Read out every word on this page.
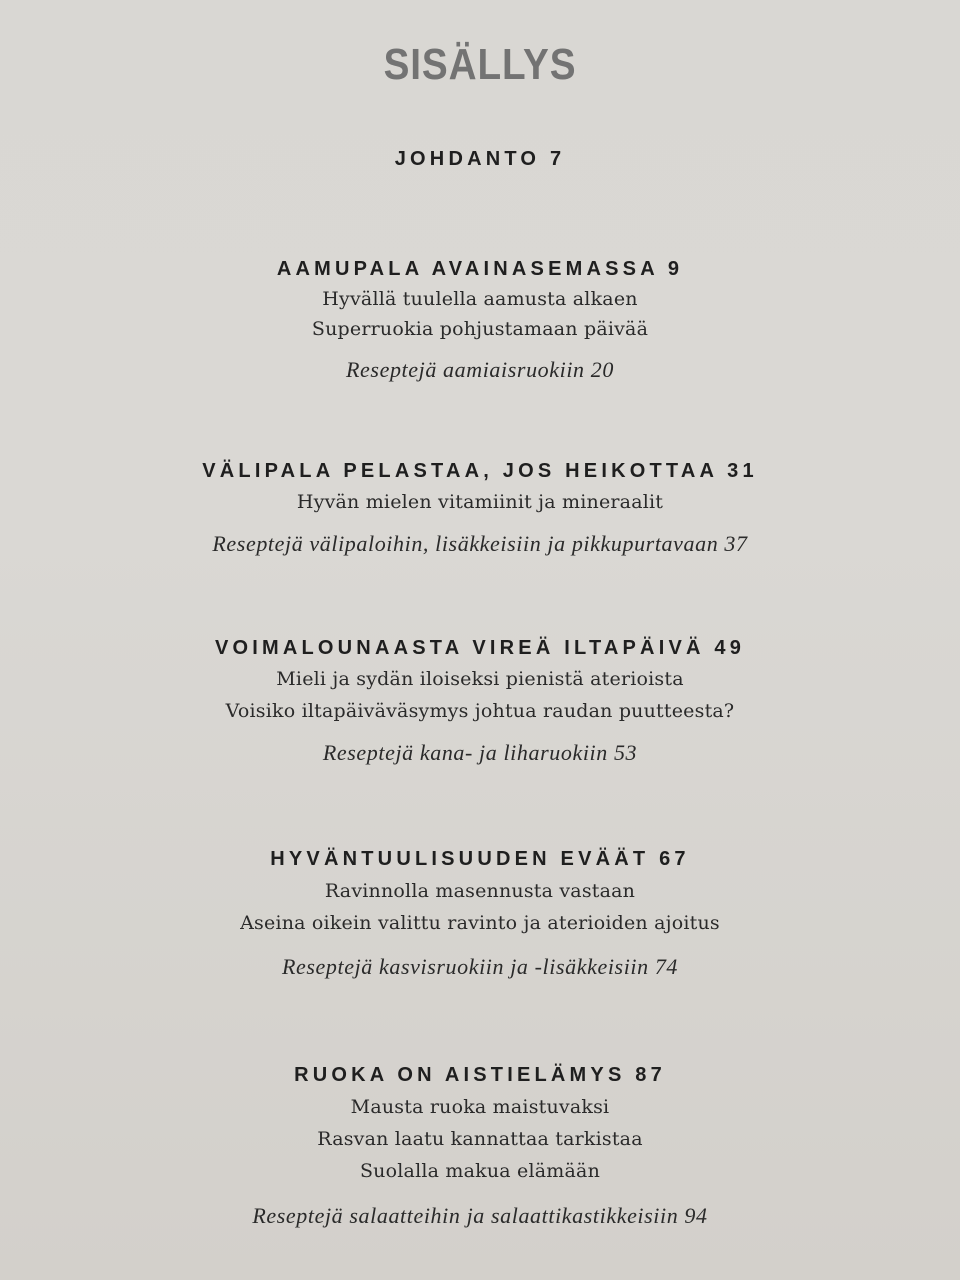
SISÄLLYS
JOHDANTO 7
AAMUPALA AVAINASEMASSA 9
Hyvällä tuulella aamusta alkaen
Superruokia pohjustamaan päivää
Reseptejä aamiaisruokiin 20
VÄLIPALA PELASTAA, JOS HEIKOTTAA 31
Hyvän mielen vitamiinit ja mineraalit
Reseptejä välipaloihin, lisäkkeisiin ja pikkupurtavaan 37
VOIMALOUNAASTA VIREÄ ILTAPÄIVÄ 49
Mieli ja sydän iloiseksi pienistä aterioista
Voisiko iltapäiväväsymys johtua raudan puutteesta?
Reseptejä kana- ja liharuokiin 53
HYVÄNTUULISUUDEN EVÄÄT 67
Ravinnolla masennusta vastaan
Aseina oikein valittu ravinto ja aterioiden ajoitus
Reseptejä kasvisruokiin ja -lisäkkeisiin 74
RUOKA ON AISTIELÄMYS 87
Mausta ruoka maistuvaksi
Rasvan laatu kannattaa tarkistaa
Suolalla makua elämään
Reseptejä salaatteihin ja salaattikastikkeisiin 94
